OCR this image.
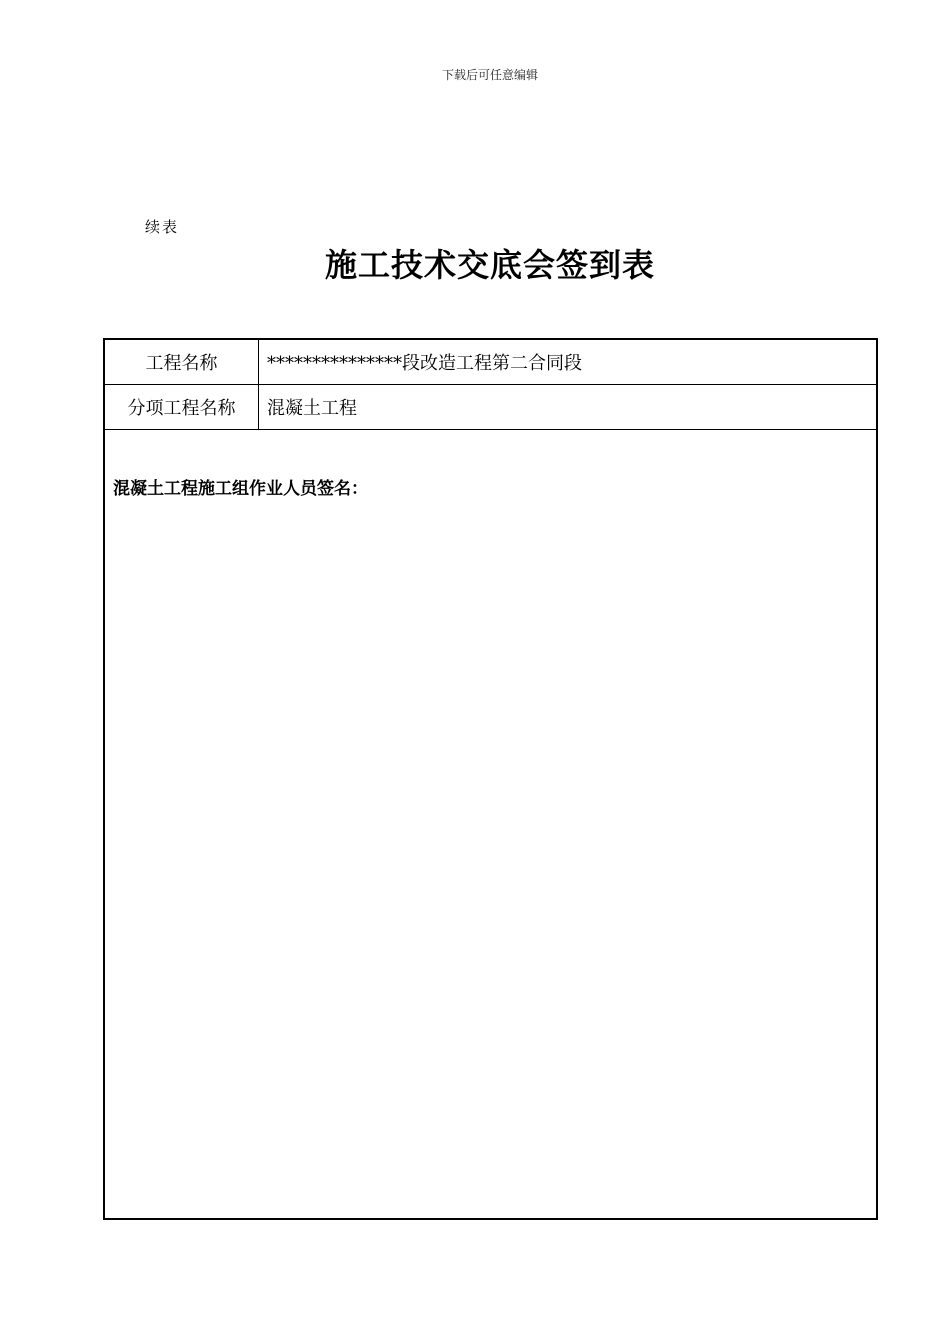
下载后可任意编辑
续表
施工技术交底会签到表
工程名称	***************段改造工程第二合同段
分项工程名称	混凝土工程
混凝土工程施工组作业人员签名：
